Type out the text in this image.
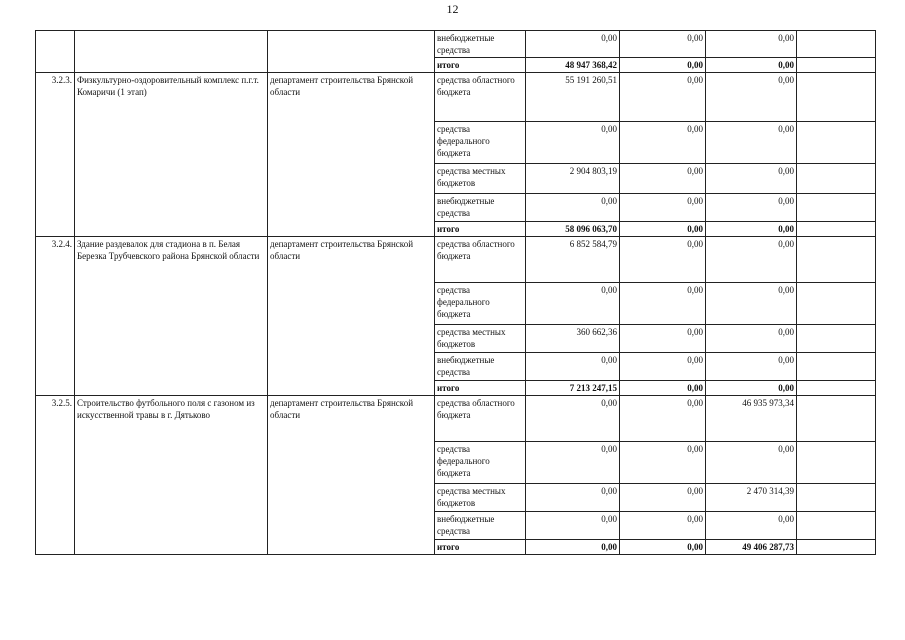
12
			внебюджетные средства	0,00	0,00	0,00	
			итого	48 947 368,42	0,00	0,00	
3.2.3.	Физкультурно-оздоровительный комплекс п.г.т. Комаричи (1 этап)	департамент строительства Брянской области	средства областного бюджета	55 191 260,51	0,00	0,00	
			средства федерального бюджета	0,00	0,00	0,00	
			средства местных бюджетов	2 904 803,19	0,00	0,00	
			внебюджетные средства	0,00	0,00	0,00	
			итого	58 096 063,70	0,00	0,00	
3.2.4.	Здание раздевалок для стадиона в п. Белая Березка Трубчевского района Брянской области	департамент строительства Брянской области	средства областного бюджета	6 852 584,79	0,00	0,00	
			средства федерального бюджета	0,00	0,00	0,00	
			средства местных бюджетов	360 662,36	0,00	0,00	
			внебюджетные средства	0,00	0,00	0,00	
			итого	7 213 247,15	0,00	0,00	
3.2.5.	Строительство футбольного поля с газоном из искусственной травы в г. Дятьково	департамент строительства Брянской области	средства областного бюджета	0,00	0,00	46 935 973,34	
			средства федерального бюджета	0,00	0,00	0,00	
			средства местных бюджетов	0,00	0,00	2 470 314,39	
			внебюджетные средства	0,00	0,00	0,00	
			итого	0,00	0,00	49 406 287,73	
